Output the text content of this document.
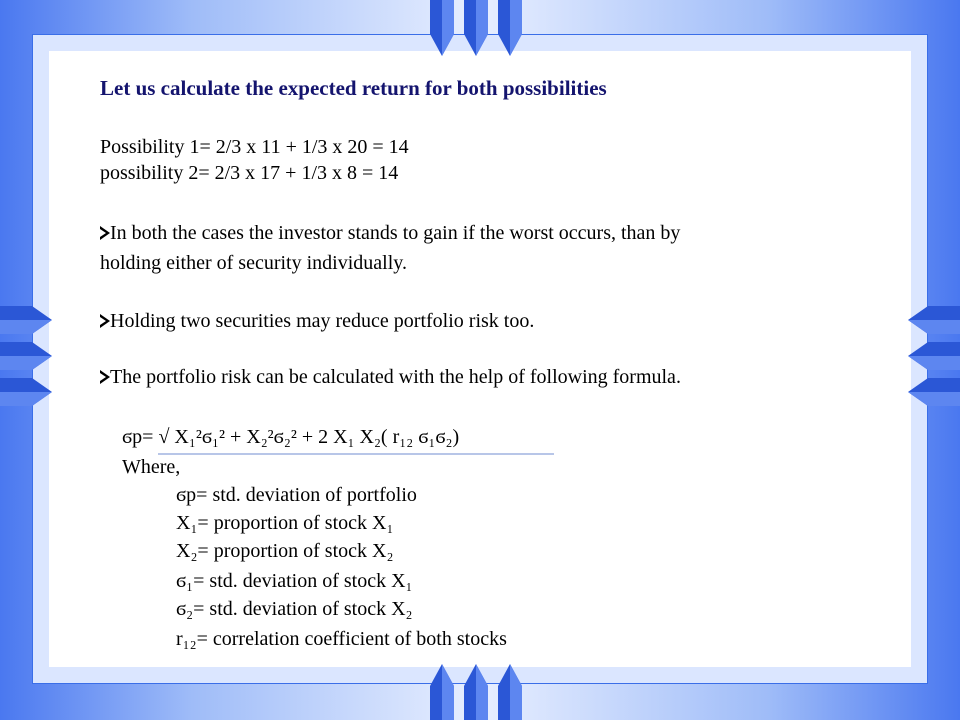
Let us calculate the expected return for both possibilities

Possibility 1= 2/3 x 11 + 1/3 x 20 = 14

possibility 2= 2/3 x 17 + 1/3 x 8 = 14

In both the cases the investor stands to gain if the worst occurs, than by

holding either of security individually.

Holding two securities may reduce portfolio risk too.

The portfolio risk can be calculated with the help of following formula.

ϭp= √ X₁²ϭ₁² + X₂²ϭ₂² + 2 X₁ X₂( r₁₂ ϭ₁ϭ₂)
Where,
ϭp= std. deviation of portfolio
X₁= proportion of stock X₁
X₂= proportion of stock X₂
ϭ₁= std. deviation of stock X₁
ϭ₂= std. deviation of stock X₂
r₁₂= correlation coefficient of both stocks
